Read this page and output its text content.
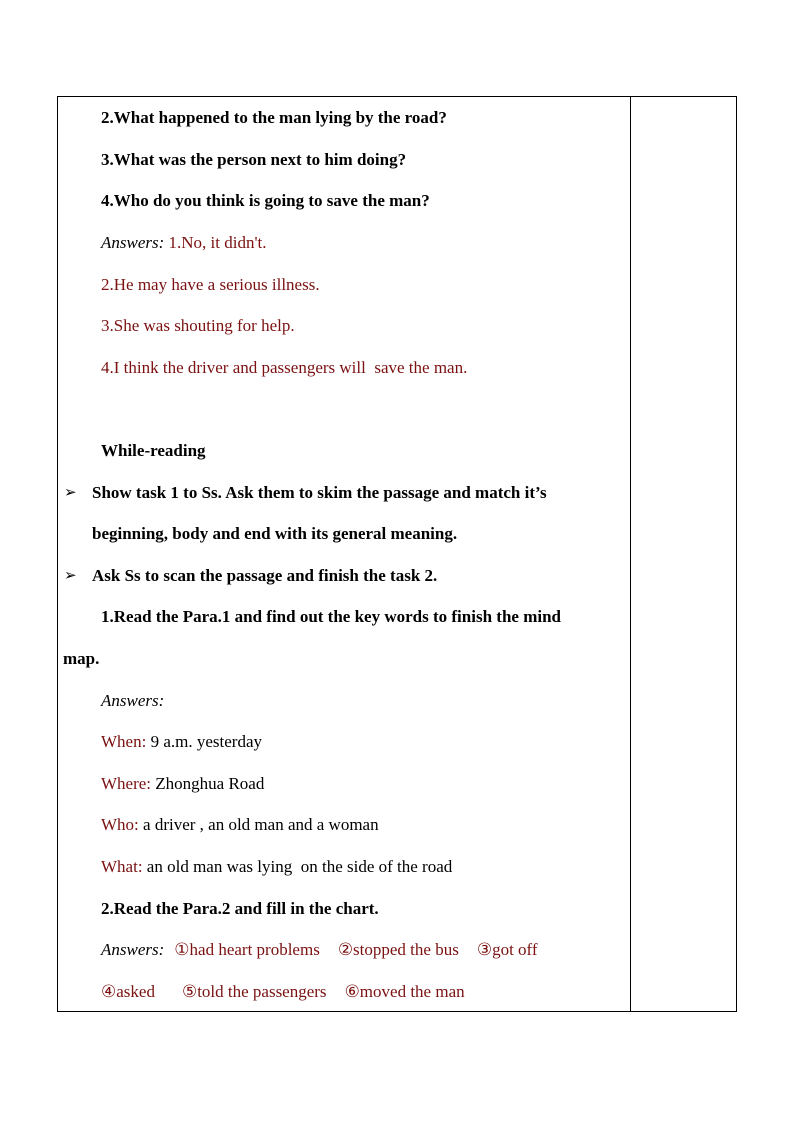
2.What happened to the man lying by the road?
3.What was the person next to him doing?
4.Who do you think is going to save the man?
Answers: 1.No, it didn't.
2.He may have a serious illness.
3.She was shouting for help.
4.I think the driver and passengers will  save the man.
While-reading
➢ Show task 1 to Ss. Ask them to skim the passage and match it’s
beginning, body and end with its general meaning.
➢ Ask Ss to scan the passage and finish the task 2.
1.Read the Para.1 and find out the key words to finish the mind
map.
Answers:
When: 9 a.m. yesterday
Where: Zhonghua Road
Who: a driver , an old man and a woman
What: an old man was lying  on the side of the road
2.Read the Para.2 and fill in the chart.
Answers: ①had heart problems ②stopped the bus ③got off
④asked ⑤told the passengers ⑥moved the man
